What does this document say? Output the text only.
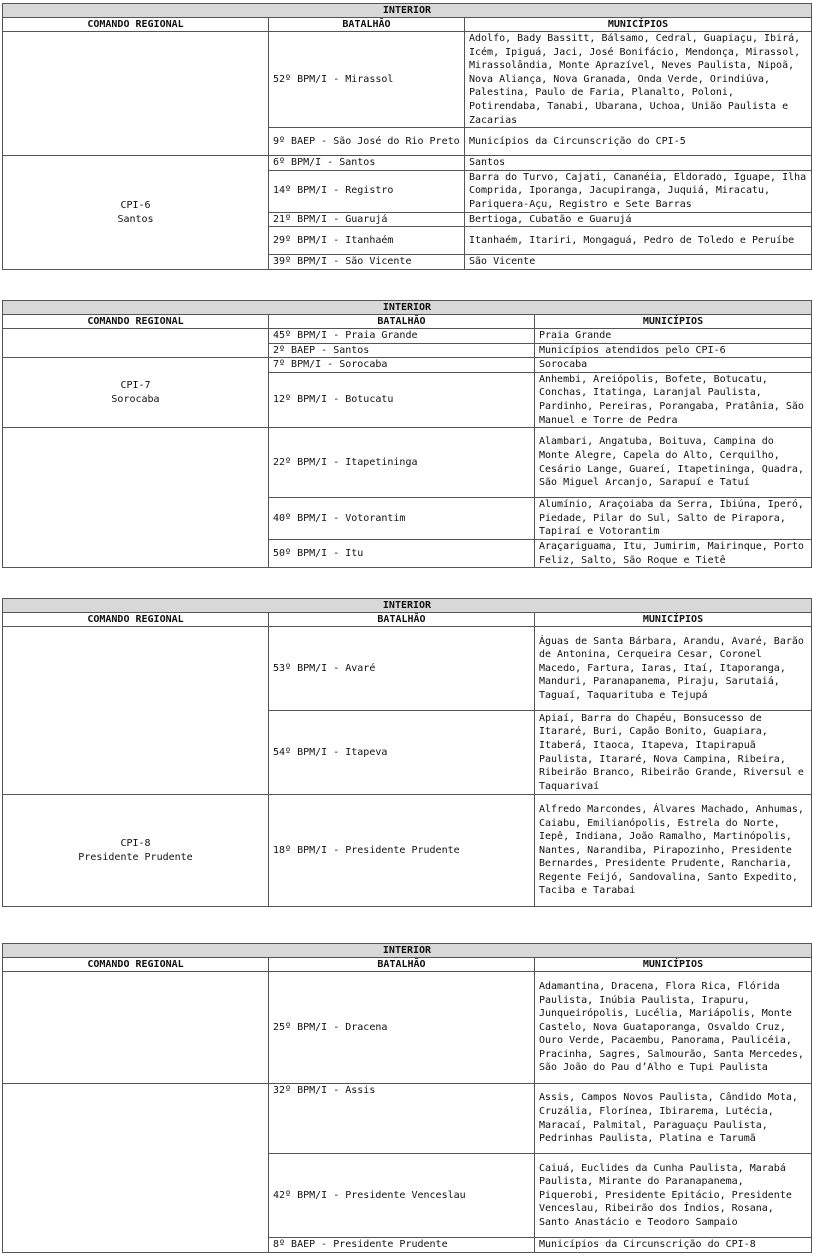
INTERIOR		
COMANDO REGIONAL	BATALHÃO	MUNICÍPIOS
	52º BPM/I - Mirassol	Adolfo, Bady Bassitt, Bálsamo, Cedral, Guapiaçu, Ibirá, Icém, Ipiguá, Jaci, José Bonifácio, Mendonça, Mirassol, Mirassolândia, Monte Aprazível, Neves Paulista, Nipoã, Nova Aliança, Nova Granada, Onda Verde, Orindiúva, Palestina, Paulo de Faria, Planalto, Poloni, Potirendaba, Tanabi, Ubarana, Uchoa, União Paulista e Zacarias
	9º BAEP - São José do Rio Preto	Municípios da Circunscrição do CPI-5

CPI-6
Santos	6º BPM/I - Santos	Santos
	14º BPM/I - Registro	Barra do Turvo, Cajati, Cananéia, Eldorado, Iguape, Ilha Comprida, Iporanga, Jacupiranga, Juquiá, Miracatu, Pariquera-Açu, Registro e Sete Barras
	21º BPM/I - Guarujá	Bertioga, Cubatão e Guarujá
	29º BPM/I - Itanhaém	Itanhaém, Itariri, Mongaguá, Pedro de Toledo e Peruíbe
	39º BPM/I - São Vicente	São Vicente
INTERIOR		
COMANDO REGIONAL	BATALHÃO	MUNICÍPIOS
	45º BPM/I - Praia Grande	Praia Grande
	2º BAEP - Santos	Municípios atendidos pelo CPI-6

CPI-7
Sorocaba	7º BPM/I - Sorocaba	Sorocaba
	12º BPM/I - Botucatu	Anhembi, Areiópolis, Bofete, Botucatu, Conchas, Itatinga, Laranjal Paulista, Pardinho, Pereiras, Porangaba, Pratânia, São Manuel e Torre de Pedra
	22º BPM/I - Itapetininga	Alambari, Angatuba, Boituva, Campina do Monte Alegre, Capela do Alto, Cerquilho, Cesário Lange, Guareí, Itapetininga, Quadra, São Miguel Arcanjo, Sarapuí e Tatuí
	40º BPM/I - Votorantim	Alumínio, Araçoiaba da Serra, Ibiúna, Iperó, Piedade, Pilar do Sul, Salto de Pirapora, Tapiraí e Votorantim
	50º BPM/I - Itu	Araçariguama, Itu, Jumirim, Mairinque, Porto Feliz, Salto, São Roque e Tietê
INTERIOR		
COMANDO REGIONAL	BATALHÃO	MUNICÍPIOS
	53º BPM/I - Avaré	Águas de Santa Bárbara, Arandu, Avaré, Barão de Antonina, Cerqueira Cesar, Coronel Macedo, Fartura, Iaras, Itaí, Itaporanga, Manduri, Paranapanema, Piraju, Sarutaiá, Taguaí, Taquarituba e Tejupá
	54º BPM/I - Itapeva	Apiaí, Barra do Chapéu, Bonsucesso de Itararé, Buri, Capão Bonito, Guapiara, Itaberá, Itaoca, Itapeva, Itapirapuã Paulista, Itararé, Nova Campina, Ribeira, Ribeirão Branco, Ribeirão Grande, Riversul e Taquarivaí

CPI-8
Presidente Prudente	18º BPM/I - Presidente Prudente	Alfredo Marcondes, Álvares Machado, Anhumas, Caiabu, Emilianópolis, Estrela do Norte, Iepê, Indiana, João Ramalho, Martinópolis, Nantes, Narandiba, Pirapozinho, Presidente Bernardes, Presidente Prudente, Rancharia, Regente Feijó, Sandovalina, Santo Expedito, Taciba e Tarabai
INTERIOR		
COMANDO REGIONAL	BATALHÃO	MUNICÍPIOS
	25º BPM/I - Dracena	Adamantina, Dracena, Flora Rica, Flórida Paulista, Inúbia Paulista, Irapuru, Junqueirópolis, Lucélia, Mariápolis, Monte Castelo, Nova Guataporanga, Osvaldo Cruz, Ouro Verde, Pacaembu, Panorama, Paulicéia, Pracinha, Sagres, Salmourão, Santa Mercedes, São João do Pau d’Alho e Tupi Paulista
	32º BPM/I - Assis	Assis, Campos Novos Paulista, Cândido Mota, Cruzália, Florínea, Ibirarema, Lutécia, Maracaí, Palmital, Paraguaçu Paulista, Pedrinhas Paulista, Platina e Tarumã
	42º BPM/I - Presidente Venceslau	Caiuá, Euclides da Cunha Paulista, Marabá Paulista, Mirante do Paranapanema, Piquerobi, Presidente Epitácio, Presidente Venceslau, Ribeirão dos Índios, Rosana, Santo Anastácio e Teodoro Sampaio
	8º BAEP - Presidente Prudente	Municípios da Circunscrição do CPI-8
